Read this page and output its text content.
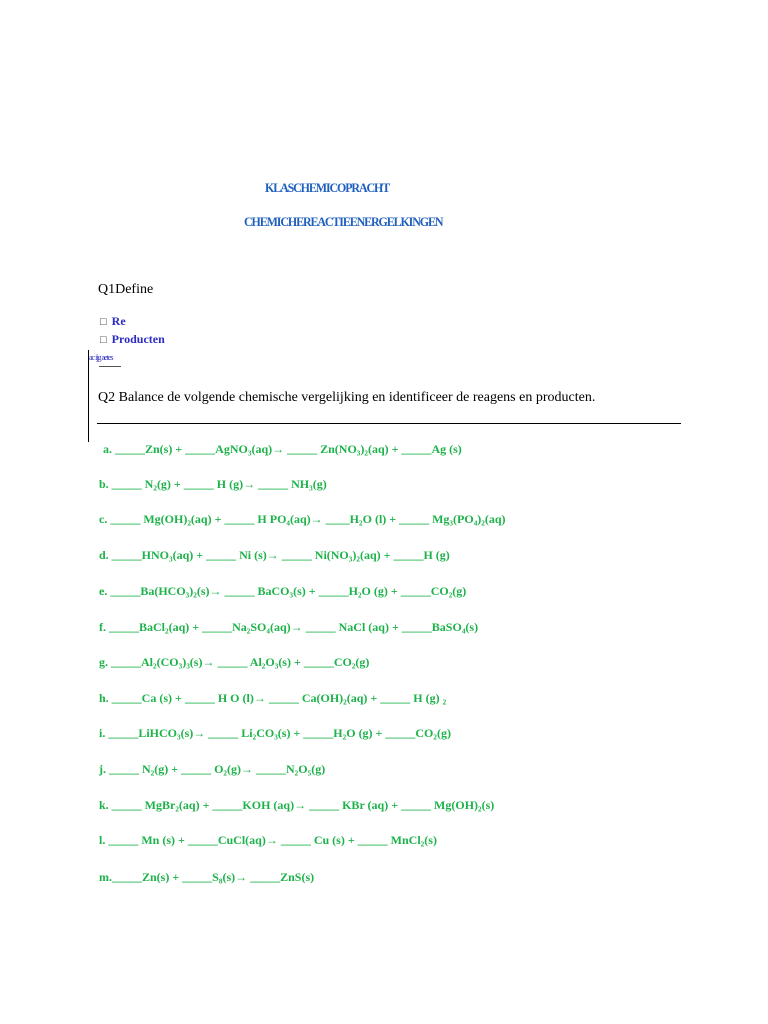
KLASCHEMICOPRACHT
CHEMICHEREACTIEENERGELKINGEN
Q1Define
□ Re
□ Producten
ac ijg aetes
Q2 Balance de volgende chemische vergelijking en identificeer de reagens en producten.
a. _____Zn(s) + _____AgNO₃(aq)→ _____ Zn(NO₃)₂(aq) + _____Ag (s)
b. _____ N₂(g) + _____ H (g)→ _____ NH₃(g)
c. _____ Mg(OH)₂(aq) + _____ H PO₄(aq)→ ____H₂O (l) + _____ Mg₃(PO₄)₂(aq)
d. _____HNO₃(aq) + _____ Ni (s)→ _____ Ni(NO₃)₂(aq) + _____H (g)
e. _____Ba(HCO₃)₂(s)→ _____ BaCO₃(s) + _____H₂O (g) + _____CO₂(g)
f. _____BaCl₂(aq) + _____Na₂SO₄(aq)→ _____ NaCl (aq) + _____BaSO₄(s)
g. _____Al₂(CO₃)₃(s)→ _____ Al₂O₃(s) + _____CO₂(g)
h. _____Ca (s) + _____ H O (l)→ _____ Ca(OH)₂(aq) + _____ H (g) ₂
i. _____LiHCO₃(s)→ _____ Li₂CO₃(s) + _____H₂O (g) + _____CO₂(g)
j. _____ N₂(g) + _____ O₂(g)→ _____N₂O₅(g)
k. _____ MgBr₂(aq) + _____KOH (aq)→ _____ KBr (aq) + _____ Mg(OH)₂(s)
l. _____ Mn (s) + _____CuCl(aq)→ _____ Cu (s) + _____ MnCl₂(s)
m._____Zn(s) + _____S₈(s)→ _____ZnS(s)
